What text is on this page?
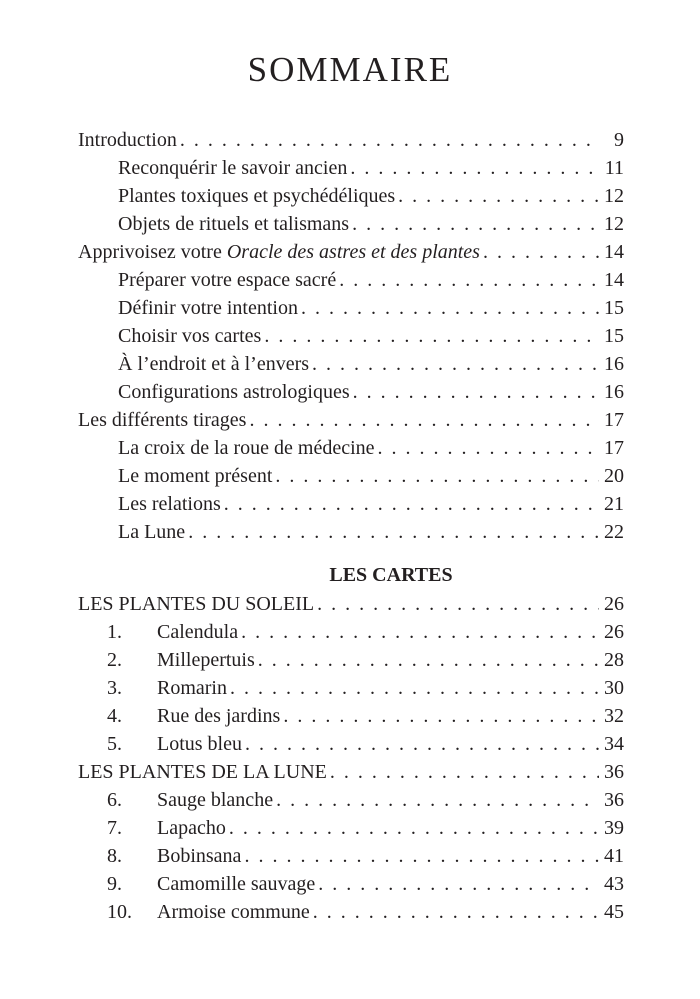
SOMMAIRE
Introduction . . .	9
Reconquérir le savoir ancien . . .	11
Plantes toxiques et psychédéliques . . .	12
Objets de rituels et talismans . . .	12
Apprivoisez votre Oracle des astres et des plantes . . .	14
Préparer votre espace sacré . . .	14
Définir votre intention . . .	15
Choisir vos cartes . . .	15
À l’endroit et à l’envers . . .	16
Configurations astrologiques . . .	16
Les différents tirages . . .	17
La croix de la roue de médecine . . .	17
Le moment présent . . .	20
Les relations . . .	21
La Lune . . .	22
LES CARTES
LES PLANTES DU SOLEIL . . .	26
1.	Calendula . . .	26
2.	Millepertuis . . .	28
3.	Romarin . . .	30
4.	Rue des jardins . . .	32
5.	Lotus bleu . . .	34
LES PLANTES DE LA LUNE . . .	36
6.	Sauge blanche . . .	36
7.	Lapacho . . .	39
8.	Bobinsana . . .	41
9.	Camomille sauvage . . .	43
10.	Armoise commune . . .	45
